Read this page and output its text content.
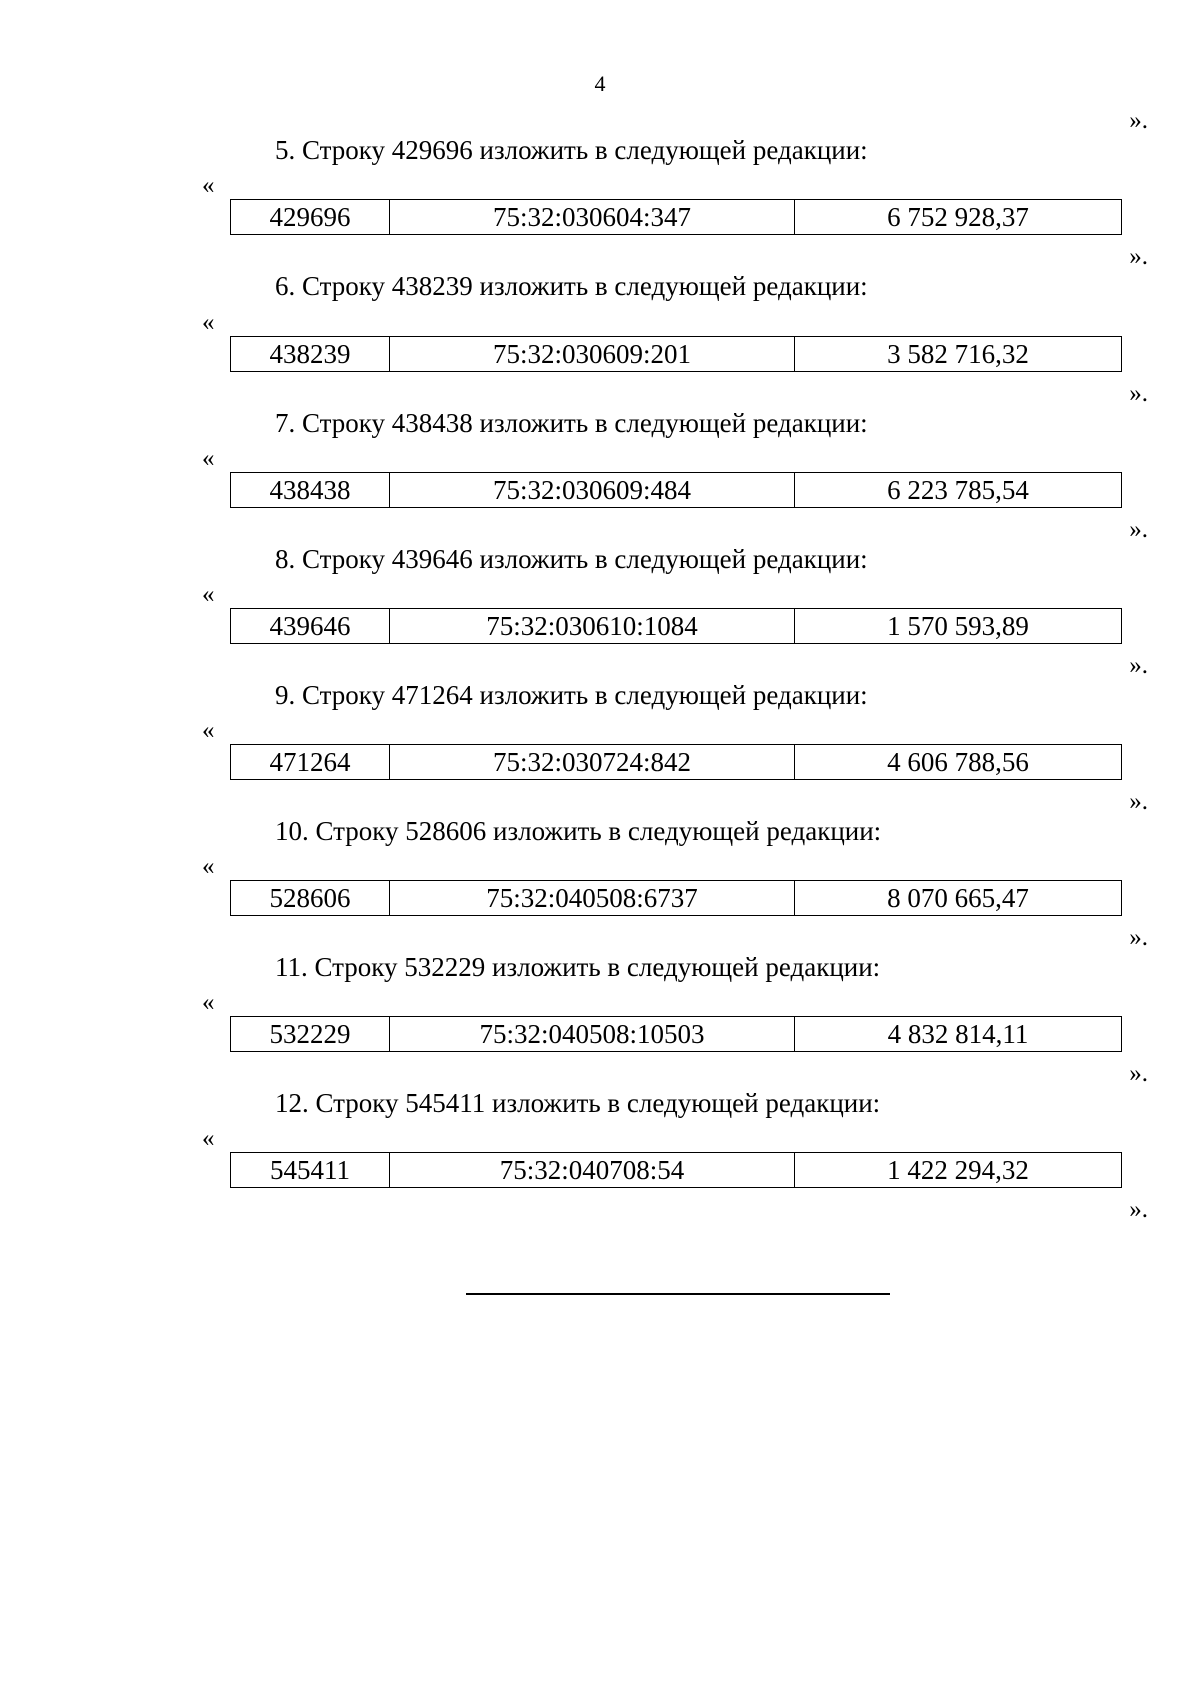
4
».
5. Строку 429696 изложить в следующей редакции:
«
429696	75:32:030604:347	6 752 928,37
».
6. Строку 438239 изложить в следующей редакции:
«
438239	75:32:030609:201	3 582 716,32
».
7. Строку 438438 изложить в следующей редакции:
«
438438	75:32:030609:484	6 223 785,54
».
8. Строку 439646 изложить в следующей редакции:
«
439646	75:32:030610:1084	1 570 593,89
».
9. Строку 471264 изложить в следующей редакции:
«
471264	75:32:030724:842	4 606 788,56
».
10. Строку 528606 изложить в следующей редакции:
«
528606	75:32:040508:6737	8 070 665,47
».
11. Строку 532229 изложить в следующей редакции:
«
532229	75:32:040508:10503	4 832 814,11
».
12. Строку 545411 изложить в следующей редакции:
«
545411	75:32:040708:54	1 422 294,32
».
